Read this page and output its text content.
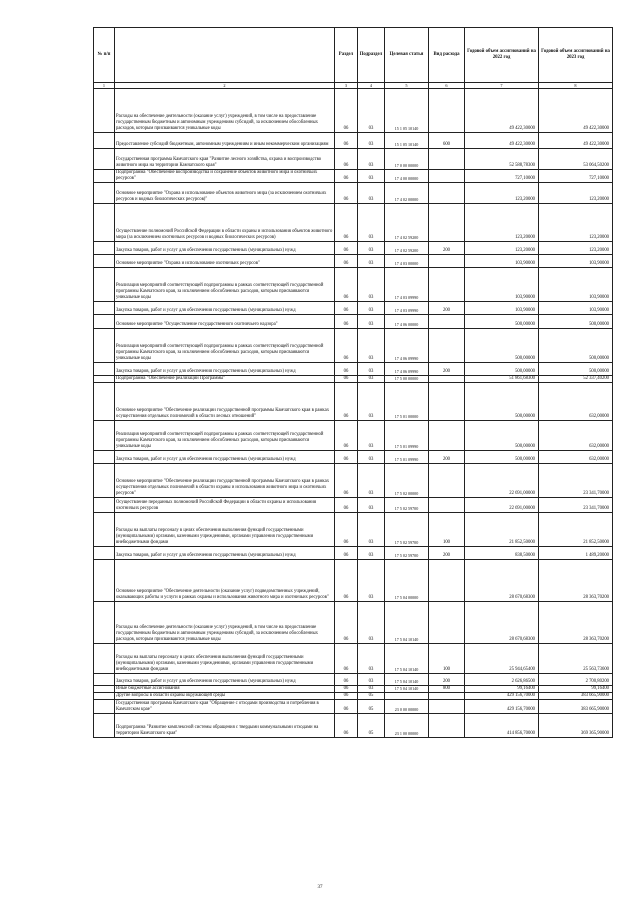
№ п/п		Раздел	Подраздел	Целевая статья	Вид расхода	Годовой объем ассигнований на 2022 год	Годовой объем ассигнований на 2023 год
1	2	3	4	5	6	7	8
	Расходы на обеспечение деятельности (оказание услуг) учреждений, в том числе на предоставление государственным бюджетным и автономным учреждениям субсидий, за исключением обособленных расходов, которым присваиваются уникальные коды	06	03	15 1 05 10140		49 422,30000	49 422,30000
	Предоставление субсидий бюджетным, автономным учреждениям и иным некоммерческим организациям	06	03	15 1 05 10140	600	49 422,30000	49 422,30000
	Государственная программа Камчатского края "Развитие лесного хозяйства, охрана и воспроизводство животного мира на территории Камчатского края"	06	03	17 0 00 00000		52 588,78300	53 064,50200
	Подпрограмма "Обеспечение воспроизводства и сохранение объектов животного мира и охотничьих ресурсов"	06	03	17 4 00 00000		727,10000	727,10000
	Основное мероприятие "Охрана и использование объектов животного мира (за исключением охотничьих ресурсов и водных биологических ресурсов)"	06	03	17 4 02 00000		123,20000	123,20000
	Осуществление полномочий Российской Федерации в области охраны и использования объектов животного мира (за исключением охотничьих ресурсов и водных биологических ресурсов)	06	03	17 4 02 59200		123,20000	123,20000
	Закупка товаров, работ и услуг для обеспечения государственных (муниципальных) нужд	06	03	17 4 02 59200	200	123,20000	123,20000
	Основное мероприятие "Охрана и использование охотничьих ресурсов"	06	03	17 4 03 00000		103,90000	103,90000
	Реализация мероприятий соответствующей подпрограммы в рамках соответствующей государственной программы Камчатского края, за исключением обособленных расходов, которым присваиваются уникальные коды	06	03	17 4 03 09990		103,90000	103,90000
	Закупка товаров, работ и услуг для обеспечения государственных (муниципальных) нужд	06	03	17 4 03 09990	200	103,90000	103,90000
	Основное мероприятие "Осуществление государственного охотничьего надзора"	06	03	17 4 06 00000		500,00000	500,00000
	Реализация мероприятий соответствующей подпрограммы в рамках соответствующей государственной программы Камчатского края, за исключением обособленных расходов, которым присваиваются уникальные коды	06	03	17 4 06 09990		500,00000	500,00000
	Закупка товаров, работ и услуг для обеспечения государственных (муниципальных) нужд	06	03	17 4 06 09990	200	500,00000	500,00000
	Подпрограмма "Обеспечение реализации Программы"	06	03	17 5 00 00000		51 861,68300	52 337,40200
	Основное мероприятие "Обеспечение реализации государственной программы Камчатского края в рамках осуществления отдельных полномочий в области лесных отношений"	06	03	17 5 01 00000		500,00000	632,00000
	Реализация мероприятий соответствующей подпрограммы в рамках соответствующей государственной программы Камчатского края, за исключением обособленных расходов, которым присваиваются уникальные коды	06	03	17 5 01 09990		500,00000	632,00000
	Закупка товаров, работ и услуг для обеспечения государственных (муниципальных) нужд	06	03	17 5 01 09990	200	500,00000	632,00000
	Основное мероприятие "Обеспечение реализации государственной программы Камчатского края в рамках осуществления отдельных полномочий в области охраны и использования животного мира и охотничьих ресурсов"	06	03	17 5 02 00000		22 691,00000	23 341,70000
	Осуществление переданных полномочий Российской Федерации в области охраны и использования охотничьих ресурсов	06	03	17 5 02 59700		22 691,00000	23 341,70000
	Расходы на выплаты персоналу в целях обеспечения выполнения функций государственными (муниципальными) органами, казенными учреждениями, органами управления государственными внебюджетными фондами	06	03	17 5 02 59700	100	21 852,50000	21 852,50000
	Закупка товаров, работ и услуг для обеспечения государственных (муниципальных) нужд	06	03	17 5 02 59700	200	838,50000	1 489,20000
	Основное мероприятие "Обеспечение деятельности (оказание услуг) подведомственных учреждений, оказывающих работы и услуги в рамках охраны и использования животного мира и охотничьих ресурсов"	06	03	17 5 04 00000		28 670,68300	28 363,70200
	Расходы на обеспечение деятельности (оказание услуг) учреждений, в том числе на предоставление государственным бюджетным и автономным учреждениям субсидий, за исключением обособленных расходов, которым присваиваются уникальные коды	06	03	17 5 04 10140		28 670,68300	28 363,70200
	Расходы на выплаты персоналу в целях обеспечения выполнения функций государственными (муниципальными) органами, казенными учреждениями, органами управления государственными внебюджетными фондами	06	03	17 5 04 10140	100	25 944,65400	25 563,73600
	Закупка товаров, работ и услуг для обеспечения государственных (муниципальных) нужд	06	03	17 5 04 10140	200	2 626,86500	2 700,80200
	Иные бюджетные ассигнования	06	03	17 5 04 10140	800	99,16400	99,16400
	Другие вопросы в области охраны окружающей среды	06	05			429 156,70000	383 665,90000
	Государственная программа Камчатского края "Обращение с отходами производства и потребления в Камчатском крае"	06	05	23 0 00 00000		429 156,70000	383 665,90000
	Подпрограмма "Развитие комплексной системы обращения с твердыми коммунальными отходами на территории Камчатского края"	06	05	23 1 00 00000		414 856,70000	369 365,90000
37
